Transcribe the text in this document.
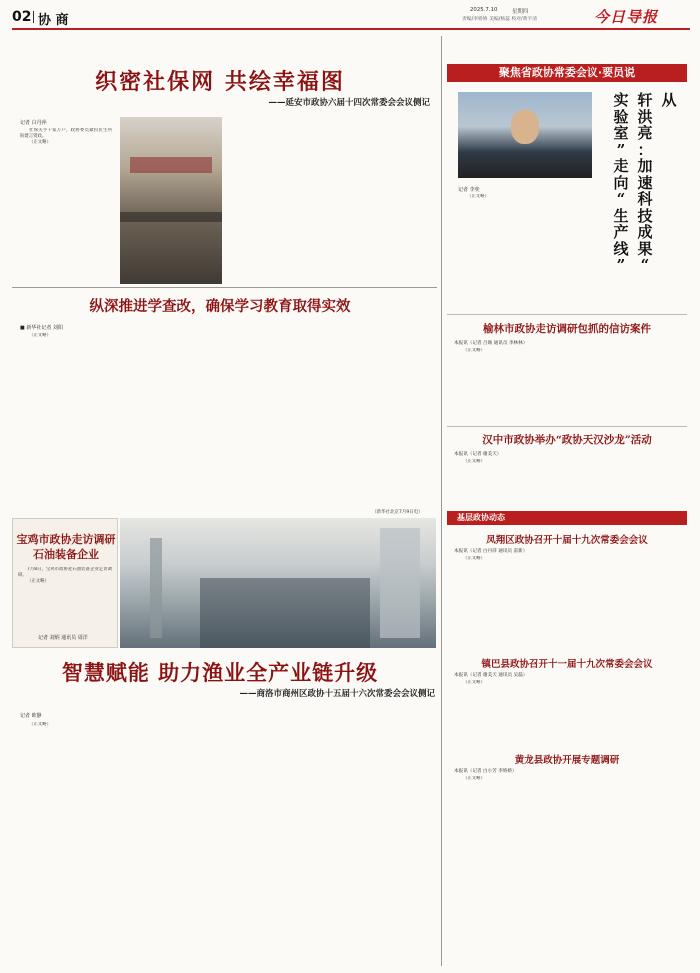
02 协 商
2025.7.10	星期四
责编/李娇娇 美编/杨蕊 校对/黄宇清	今日导报
织密社保网 共绘幸福图
——延安市政协六届十四次常委会会议侧记
记者 白丹萍

社保关乎千家万户，政协委员紧扣民生所盼建言资政。

（正文略）

纵深推进学查改，确保学习教育取得实效
■ 新华社记者 刘阳

（正文略）

（新华社北京7月9日电）
宝鸡市政协走访调研石油装备企业

7月8日，宝鸡市政协赴石油装备企业走访调研。

（正文略）

记者 刘炳 通讯员 周洋
智慧赋能 助力渔业全产业链升级
——商洛市商州区政协十五届十六次常委会会议侧记
记者 欧静

（正文略）

聚焦省政协常委会议·要员说
从
轩
洪
亮
：
加
速
科
技
成
果
“
实
验
室
”
走
向
“
生
产
线
”
记者 李奕

（正文略）

榆林市政协走访调研包抓的信访案件
本报讯（记者 吕旸 通讯员 李林林）

（正文略）

汉中市政协举办“政协天汉沙龙”活动
本报讯（记者 谢美天）

（正文略）

基层政协动态
凤翔区政协召开十届十九次常委会会议
本报讯（记者 白丹萍 通讯员 雷新）

（正文略）

镇巴县政协召开十一届十九次常委会会议
本报讯（记者 谢美天 通讯员 吴磊）

（正文略）

黄龙县政协开展专题调研
本报讯（记者 白小芳 李娇娇）

（正文略）
